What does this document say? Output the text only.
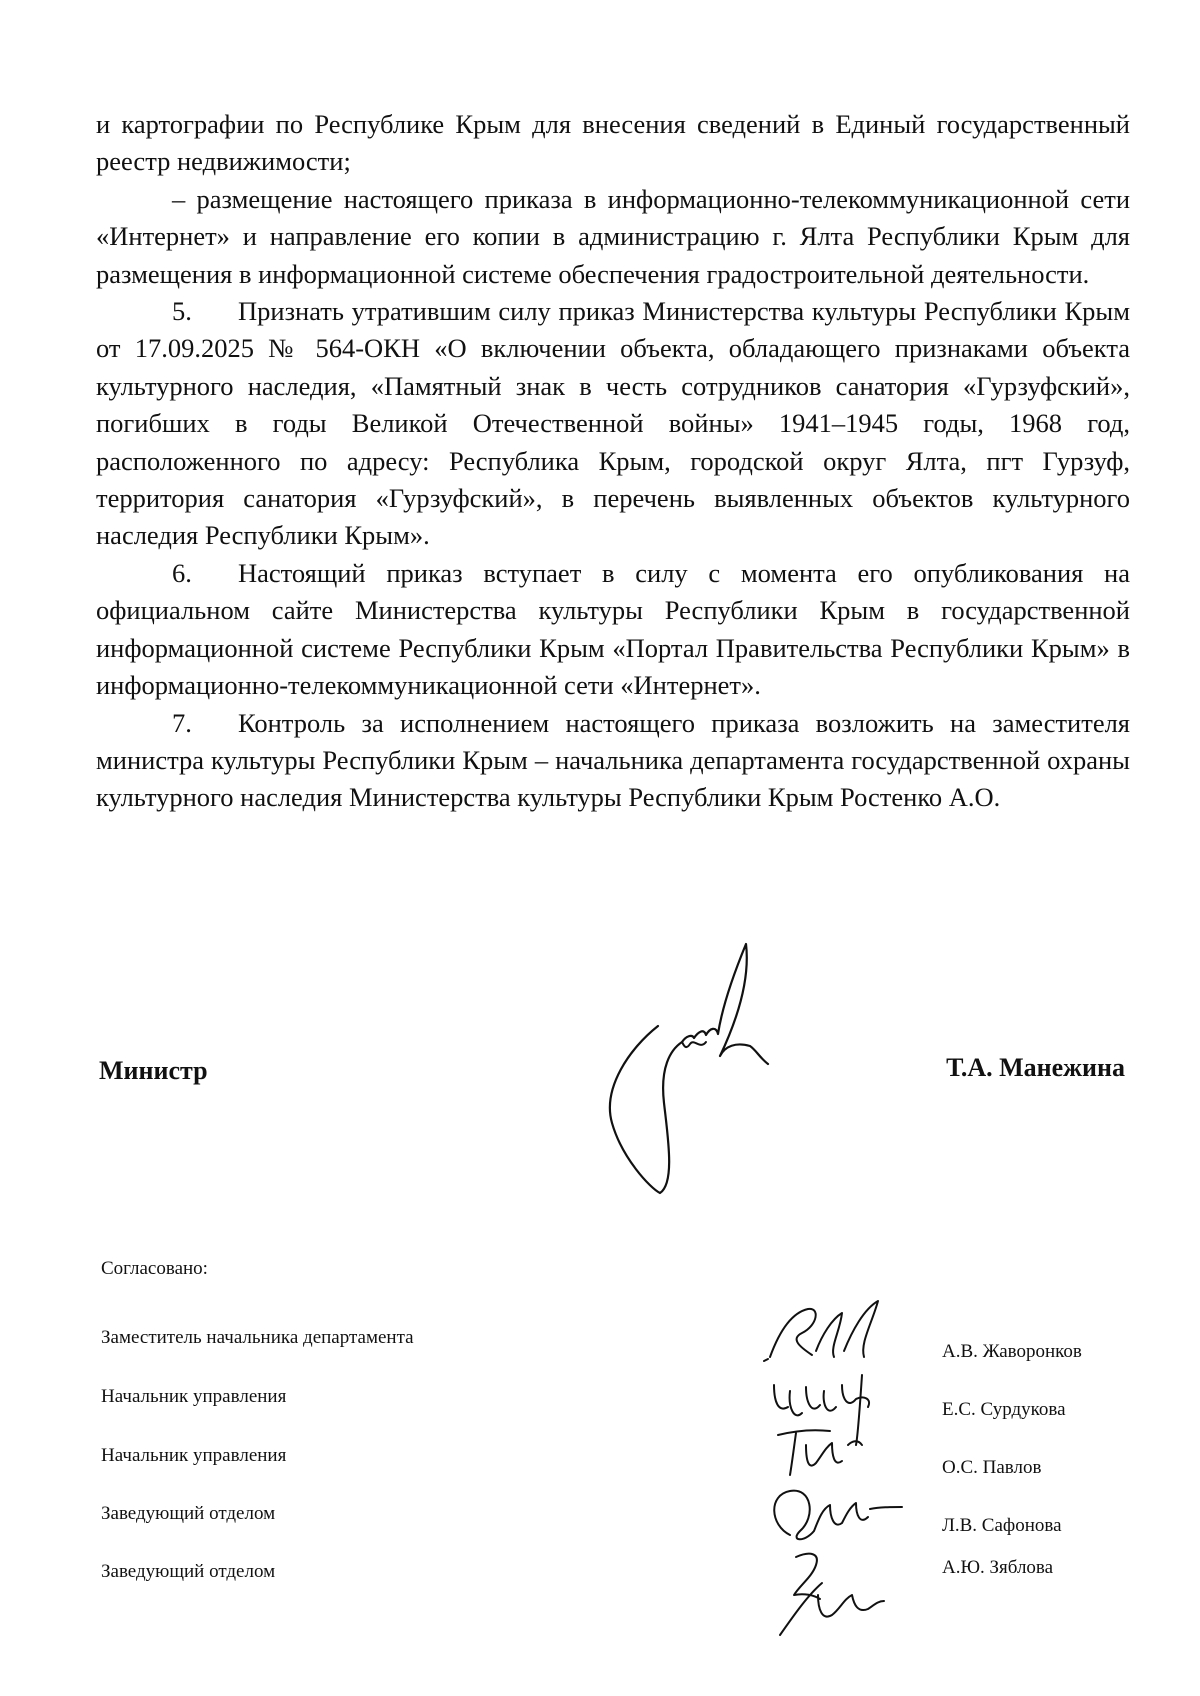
и картографии по Республике Крым для внесения сведений в Единый государственный реестр недвижимости;

– размещение настоящего приказа в информационно-телекоммуникационной сети «Интернет» и направление его копии в администрацию г. Ялта Республики Крым для размещения в информационной системе обеспечения градостроительной деятельности.

5. Признать утратившим силу приказ Министерства культуры Республики Крым от 17.09.2025 № 564-ОКН «О включении объекта, обладающего признаками объекта культурного наследия, «Памятный знак в честь сотрудников санатория «Гурзуфский», погибших в годы Великой Отечественной войны» 1941–1945 годы, 1968 год, расположенного по адресу: Республика Крым, городской округ Ялта, пгт Гурзуф, территория санатория «Гурзуфский», в перечень выявленных объектов культурного наследия Республики Крым».

6. Настоящий приказ вступает в силу с момента его опубликования на официальном сайте Министерства культуры Республики Крым в государственной информационной системе Республики Крым «Портал Правительства Республики Крым» в информационно-телекоммуникационной сети «Интернет».

7. Контроль за исполнением настоящего приказа возложить на заместителя министра культуры Республики Крым – начальника департамента государственной охраны культурного наследия Министерства культуры Республики Крым Ростенко А.О.

Министр	Т.А. Манежина
Согласовано:
Заместитель начальника департамента
Начальник управления
Начальник управления
Заведующий отделом
Заведующий отделом
А.В. Жаворонков
Е.С. Сурдукова
О.С. Павлов
Л.В. Сафонова
А.Ю. Зяблова
